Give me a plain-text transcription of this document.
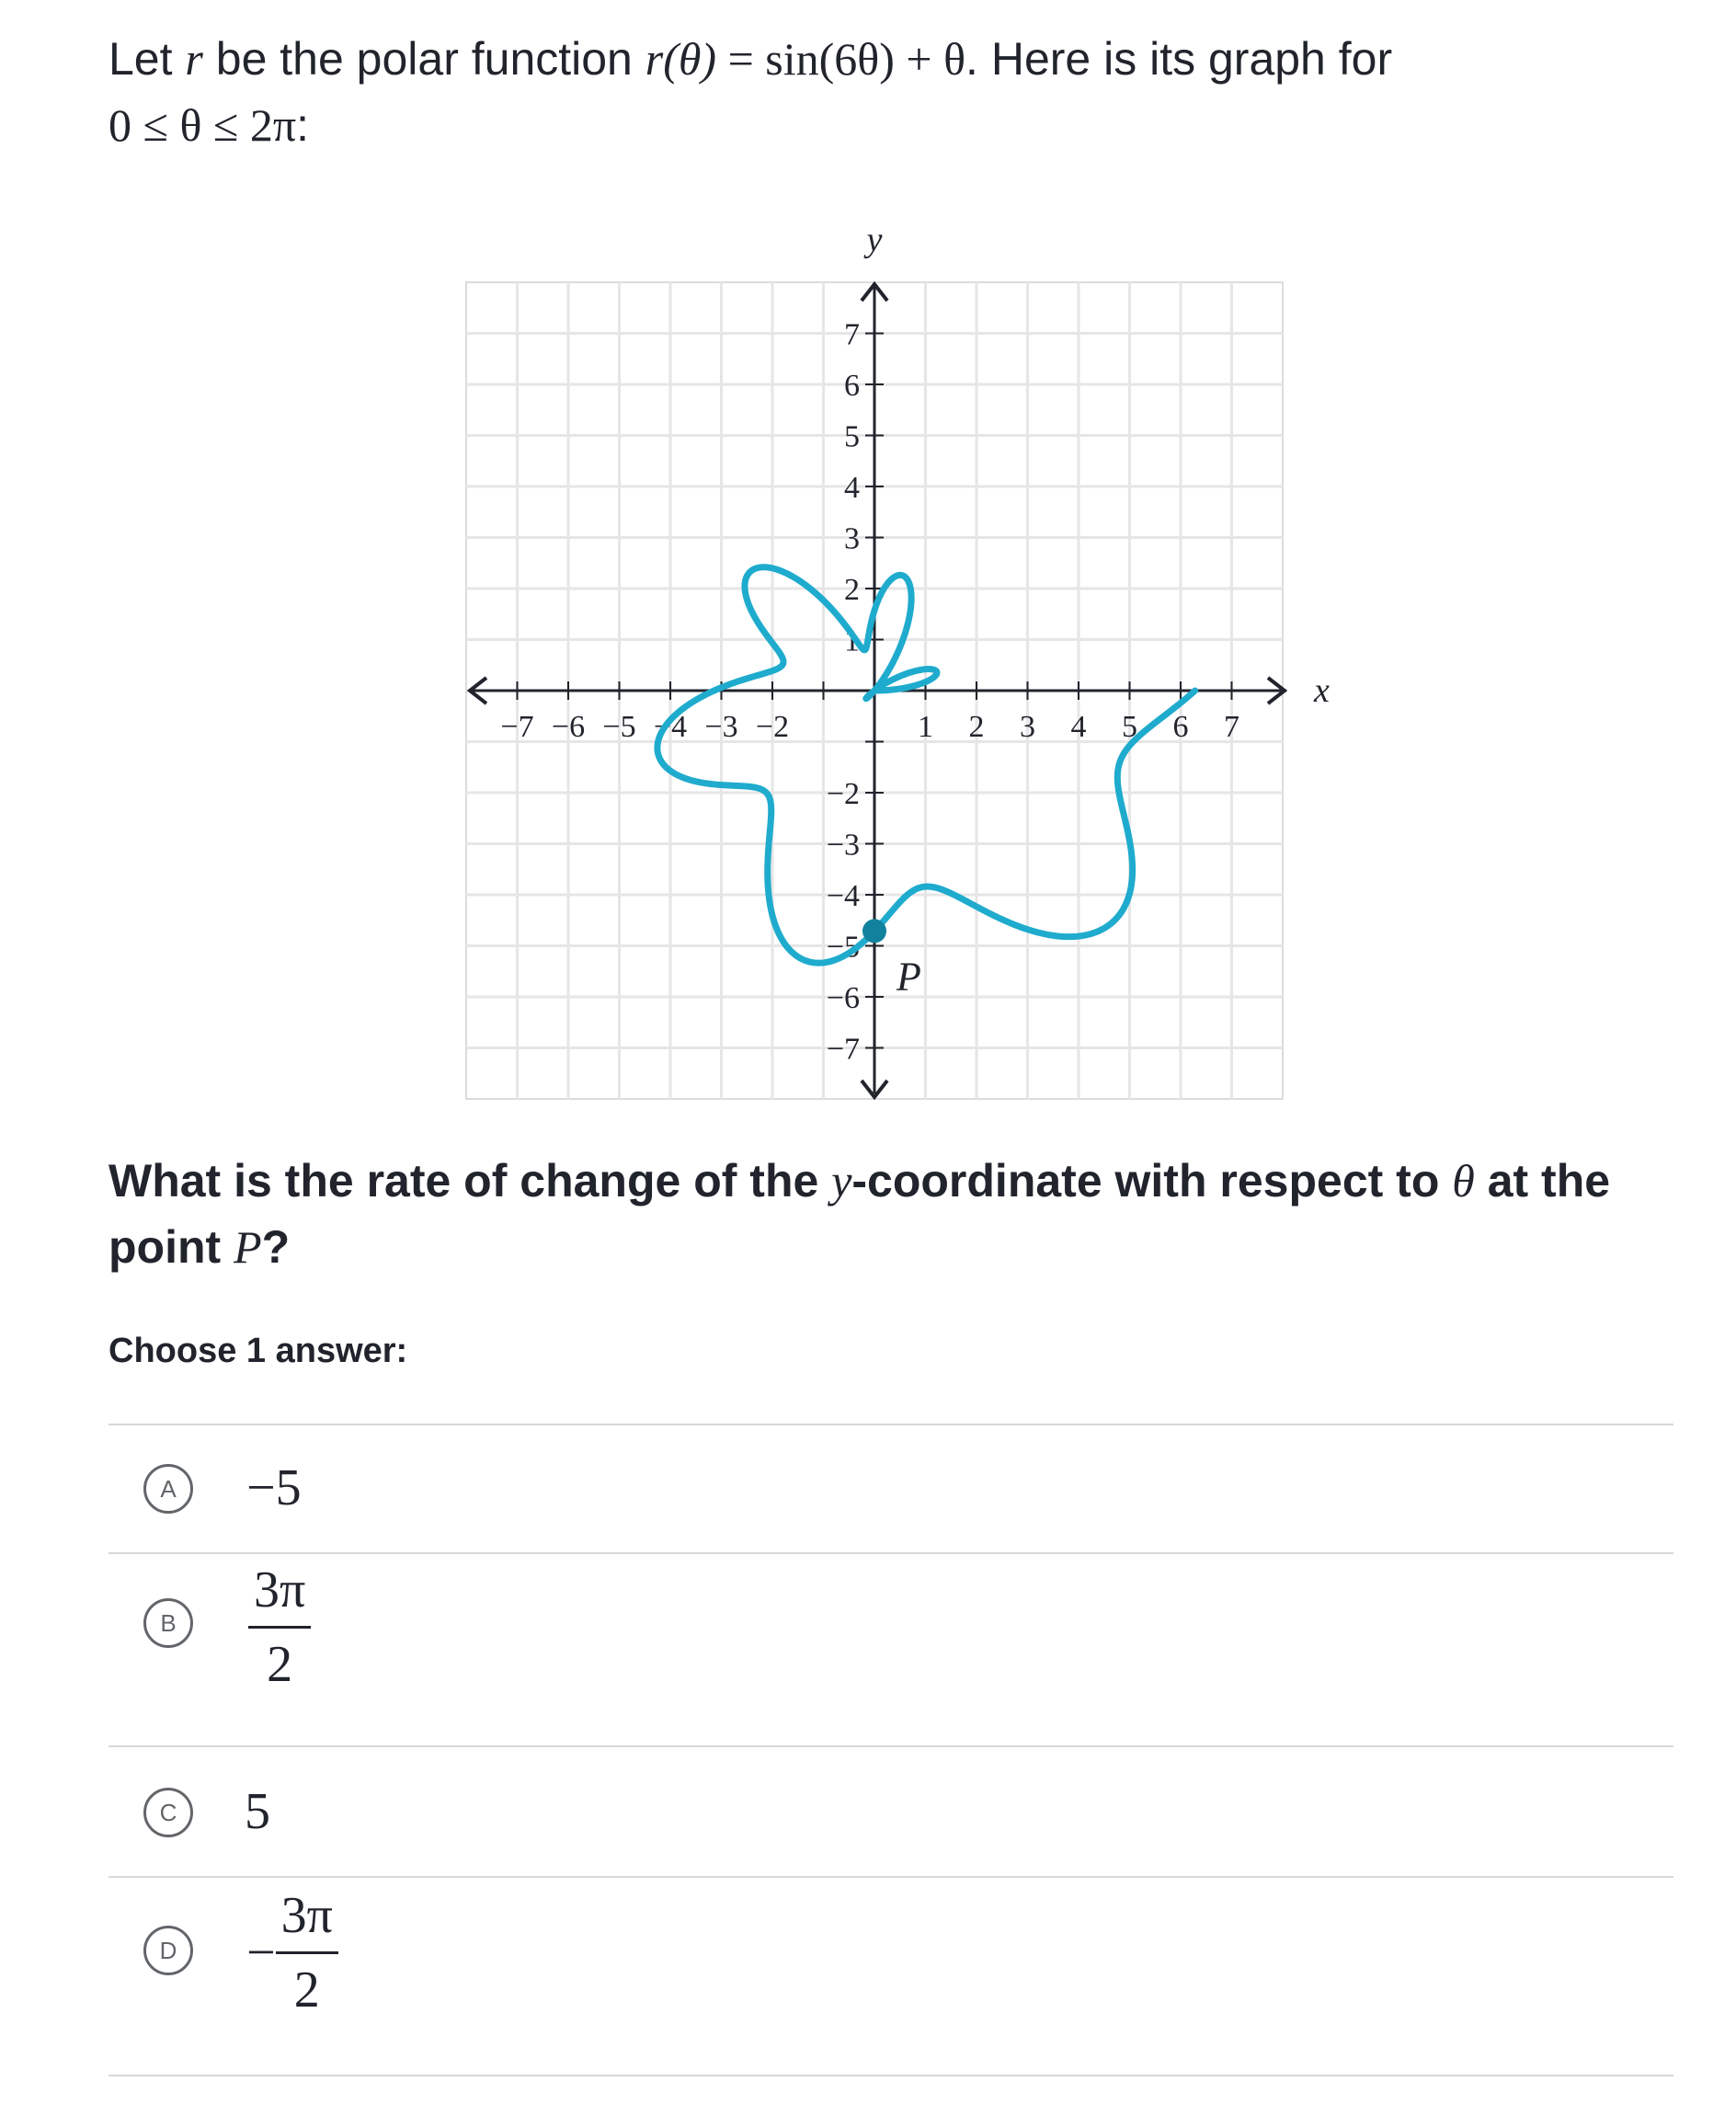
Let r be the polar function r(θ) = sin(6θ) + θ. Here is its graph for
0 ≤ θ ≤ 2π:
−7 −6 −5 −4 −3 −2	1 2 3 4 5 6 7
7
6
5
4
3
2
1
−2
−3
−4
−5
−6
−7
x
y
P
What is the rate of change of the y-coordinate with respect to θ at the point P?
Choose 1 answer:
A	−5
B	$\frac{3\pi}{2}$
C	5
D	− $\frac{3\pi}{2}$
